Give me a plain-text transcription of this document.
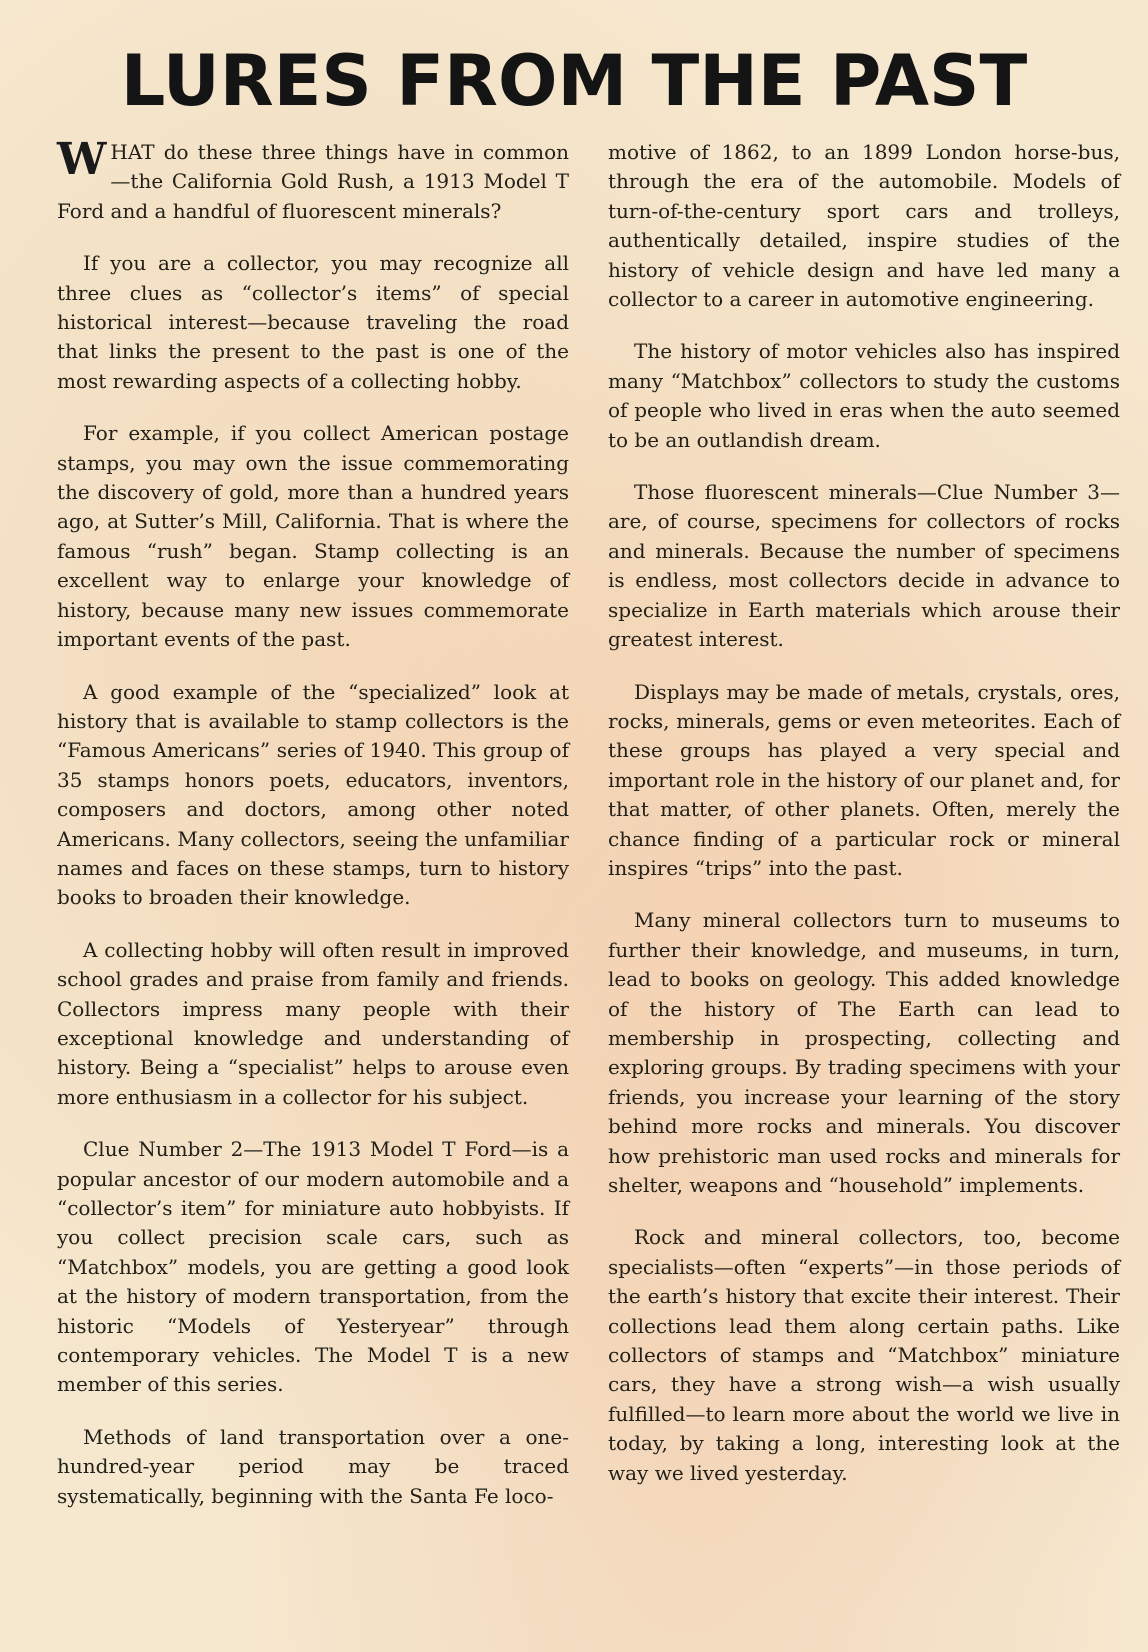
LURES FROM THE PAST

WHAT do these three things have in common—the California Gold Rush, a 1913 Model T Ford and a handful of fluorescent minerals?

If you are a collector, you may recognize all three clues as “collector’s items” of special historical interest—because traveling the road that links the present to the past is one of the most rewarding aspects of a collecting hobby.

For example, if you collect American postage stamps, you may own the issue commemorating the discovery of gold, more than a hundred years ago, at Sutter’s Mill, California. That is where the famous “rush” began. Stamp collecting is an excellent way to enlarge your knowledge of history, because many new issues commemorate important events of the past.

A good example of the “specialized” look at history that is available to stamp collectors is the “Famous Americans” series of 1940. This group of 35 stamps honors poets, educators, inventors, composers and doctors, among other noted Americans. Many collectors, seeing the unfamiliar names and faces on these stamps, turn to history books to broaden their knowledge.

A collecting hobby will often result in improved school grades and praise from family and friends. Collectors impress many people with their exceptional knowledge and understanding of history. Being a “specialist” helps to arouse even more enthusiasm in a collector for his subject.

Clue Number 2—The 1913 Model T Ford—is a popular ancestor of our modern automobile and a “collector’s item” for miniature auto hobbyists. If you collect precision scale cars, such as “Matchbox” models, you are getting a good look at the history of modern transportation, from the historic “Models of Yesteryear” through contemporary vehicles. The Model T is a new member of this series.

Methods of land transportation over a one-hundred-year period may be traced systematically, beginning with the Santa Fe loco-

motive of 1862, to an 1899 London horse-bus, through the era of the automobile. Models of turn-of-the-century sport cars and trolleys, authentically detailed, inspire studies of the history of vehicle design and have led many a collector to a career in automotive engineering.

The history of motor vehicles also has inspired many “Matchbox” collectors to study the customs of people who lived in eras when the auto seemed to be an outlandish dream.

Those fluorescent minerals—Clue Number 3—are, of course, specimens for collectors of rocks and minerals. Because the number of specimens is endless, most collectors decide in advance to specialize in Earth materials which arouse their greatest interest.

Displays may be made of metals, crystals, ores, rocks, minerals, gems or even meteorites. Each of these groups has played a very special and important role in the history of our planet and, for that matter, of other planets. Often, merely the chance finding of a particular rock or mineral inspires “trips” into the past.

Many mineral collectors turn to museums to further their knowledge, and museums, in turn, lead to books on geology. This added knowledge of the history of The Earth can lead to membership in prospecting, collecting and exploring groups. By trading specimens with your friends, you increase your learning of the story behind more rocks and minerals. You discover how prehistoric man used rocks and minerals for shelter, weapons and “household” implements.

Rock and mineral collectors, too, become specialists—often “experts”—in those periods of the earth’s history that excite their interest. Their collections lead them along certain paths. Like collectors of stamps and “Matchbox” miniature cars, they have a strong wish—a wish usually fulfilled—to learn more about the world we live in today, by taking a long, interesting look at the way we lived yesterday.
